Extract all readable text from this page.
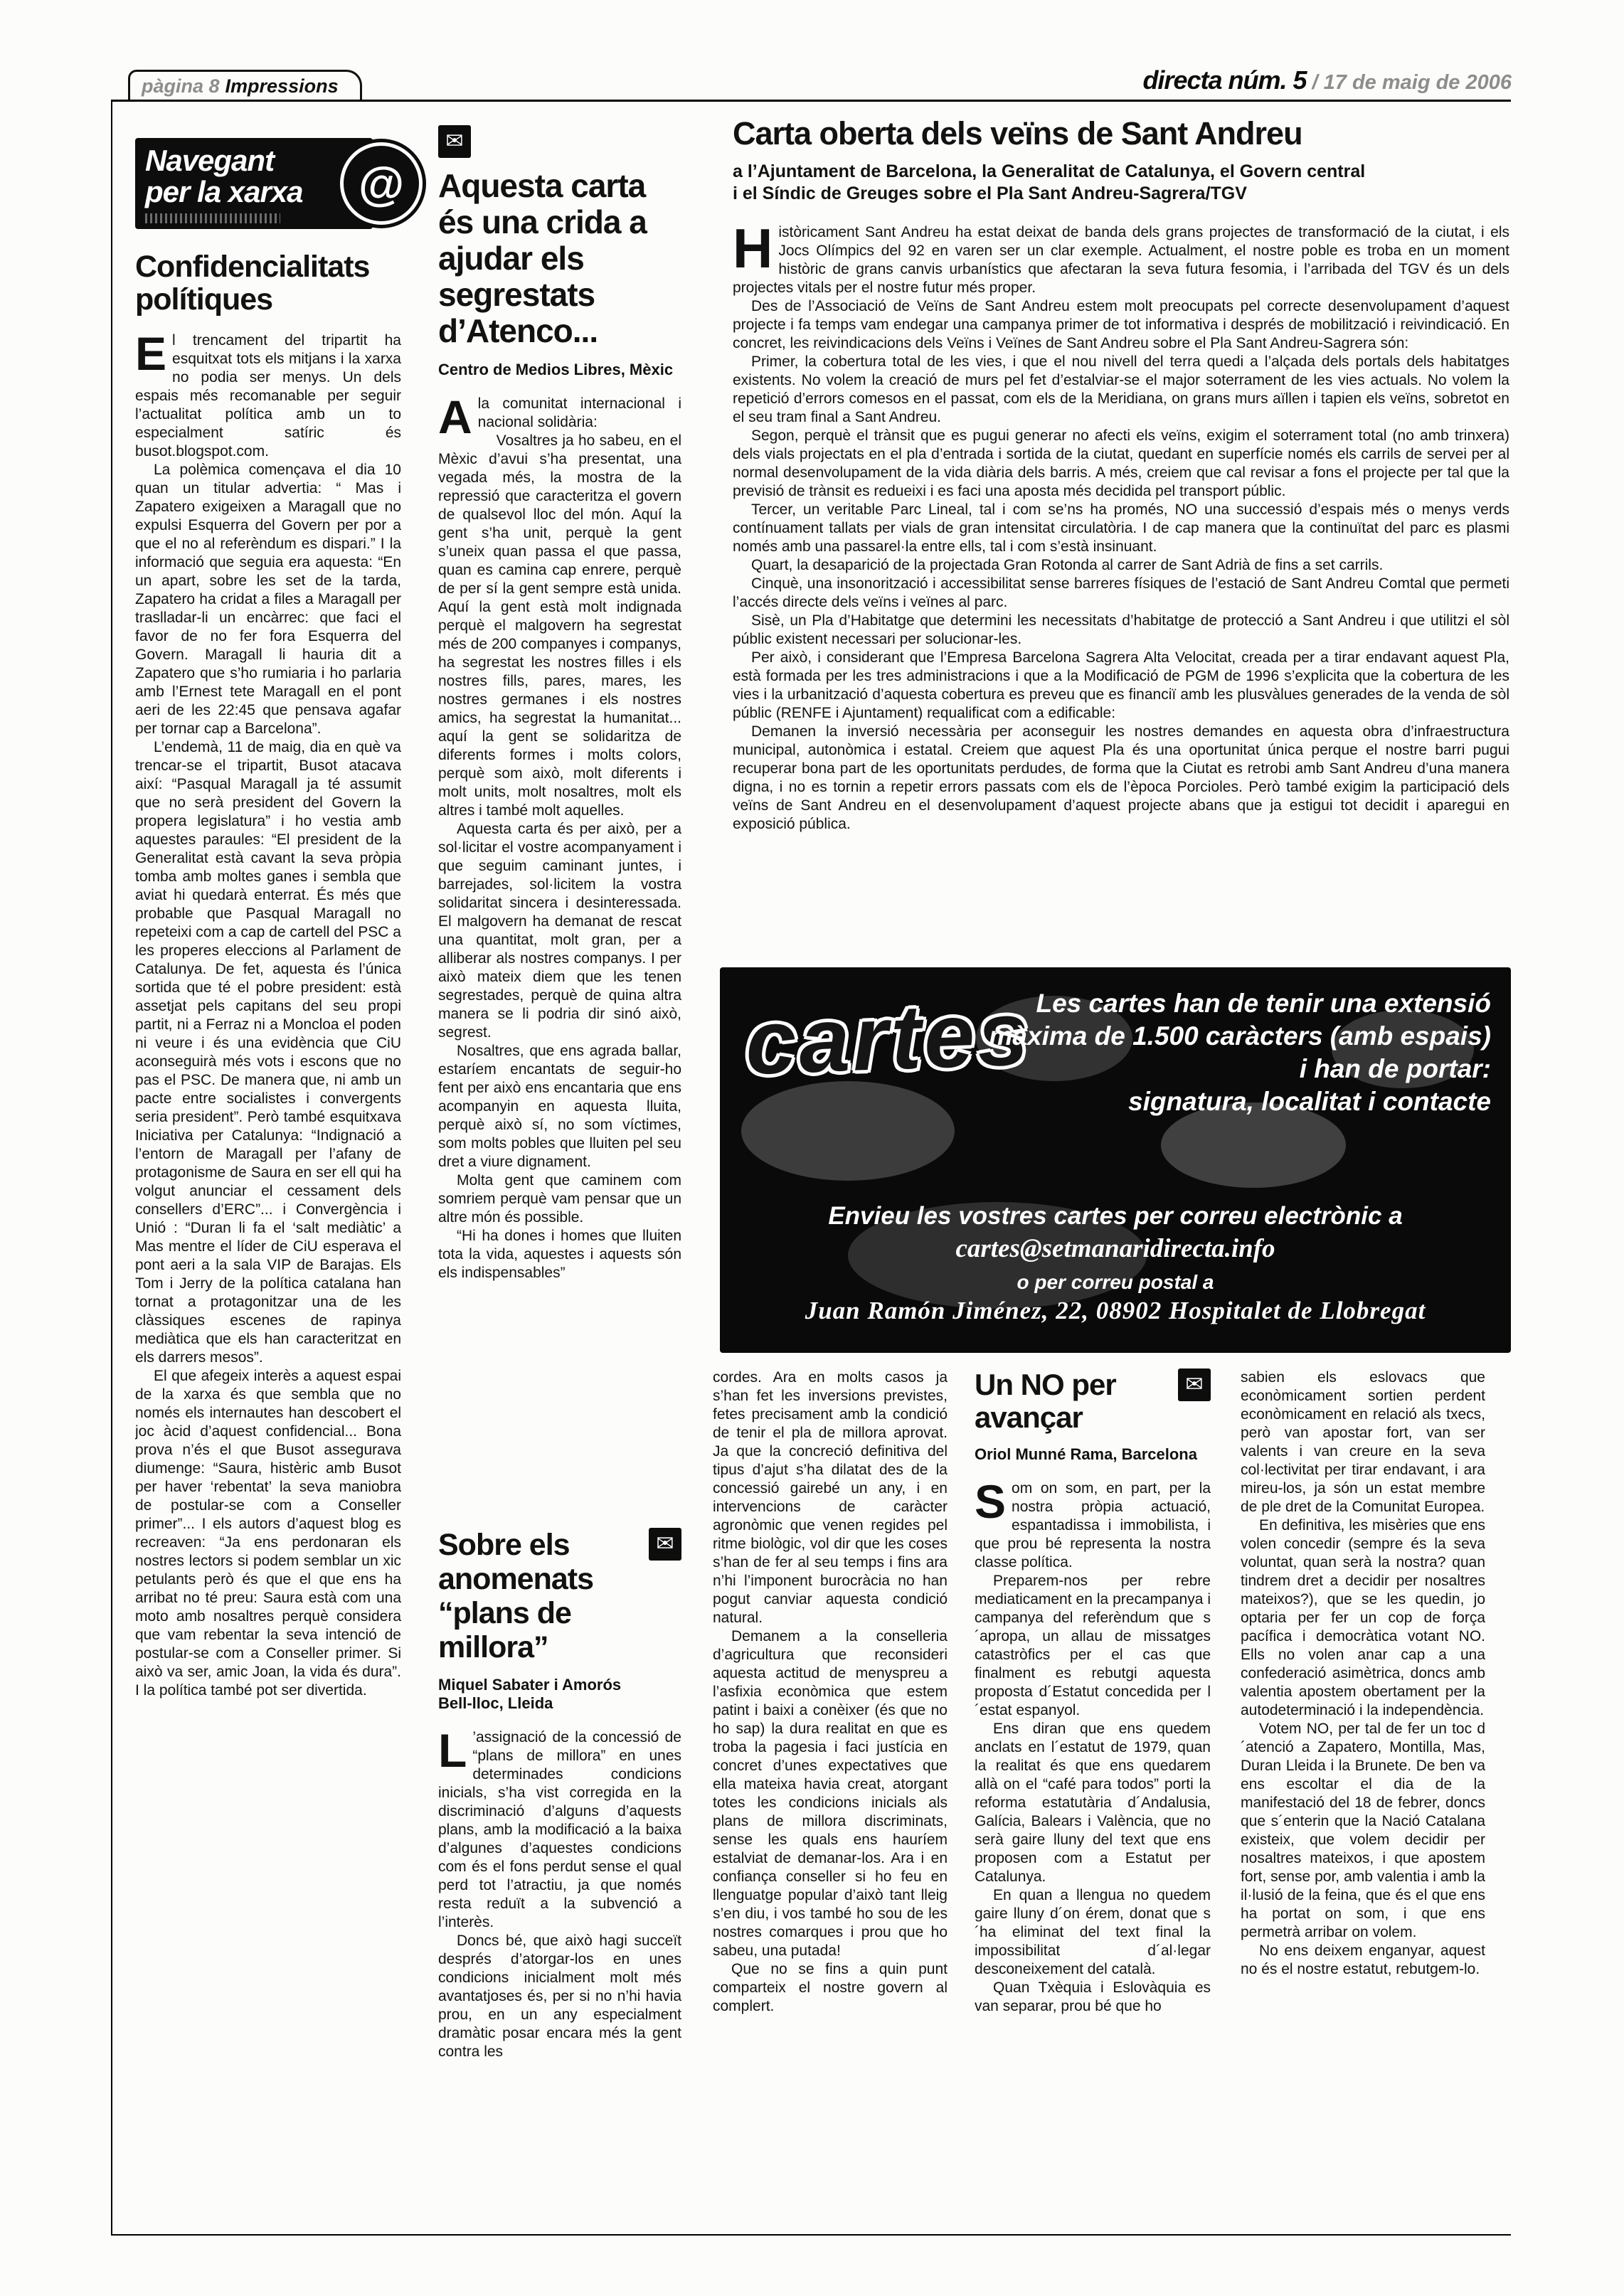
pàgina 8 Impressions	directa núm. 5 / 17 de maig de 2006
Navegant
per la xarxa	@
Confidencialitats polítiques

El trencament del tripartit ha esquitxat tots els mitjans i la xarxa no podia ser menys. Un dels espais més recomanable per seguir l’actualitat política amb un to especialment satíric és busot.blogspot.com.

La polèmica començava el dia 10 quan un titular advertia: “ Mas i Zapatero exigeixen a Maragall que no expulsi Esquerra del Govern per por a que el no al referèndum es dispari.” I la informació que seguia era aquesta: “En un apart, sobre les set de la tarda, Zapatero ha cridat a files a Maragall per traslladar-li un encàrrec: que faci el favor de no fer fora Esquerra del Govern. Maragall li hauria dit a Zapatero que s’ho rumiaria i ho parlaria amb l’Ernest tete Maragall en el pont aeri de les 22:45 que pensava agafar per tornar cap a Barcelona”.

L’endemà, 11 de maig, dia en què va trencar-se el tripartit, Busot atacava així: “Pasqual Maragall ja té assumit que no serà president del Govern la propera legislatura” i ho vestia amb aquestes paraules: “El president de la Generalitat està cavant la seva pròpia tomba amb moltes ganes i sembla que aviat hi quedarà enterrat. És més que probable que Pasqual Maragall no repeteixi com a cap de cartell del PSC a les properes eleccions al Parlament de Catalunya. De fet, aquesta és l’única sortida que té el pobre president: està assetjat pels capitans del seu propi partit, ni a Ferraz ni a Moncloa el poden ni veure i és una evidència que CiU aconseguirà més vots i escons que no pas el PSC. De manera que, ni amb un pacte entre socialistes i convergents seria president”. Però també esquitxava Iniciativa per Catalunya: “Indignació a l’entorn de Maragall per l’afany de protagonisme de Saura en ser ell qui ha volgut anunciar el cessament dels consellers d’ERC”... i Convergència i Unió : “Duran li fa el ‘salt mediàtic’ a Mas mentre el líder de CiU esperava el pont aeri a la sala VIP de Barajas. Els Tom i Jerry de la política catalana han tornat a protagonitzar una de les clàssiques escenes de rapinya mediàtica que els han caracteritzat en els darrers mesos”.

El que afegeix interès a aquest espai de la xarxa és que sembla que no només els internautes han descobert el joc àcid d’aquest confidencial... Bona prova n’és el que Busot assegurava diumenge: “Saura, histèric amb Busot per haver ‘rebentat’ la seva maniobra de postular-se com a Conseller primer”... I els autors d’aquest blog es recreaven: “Ja ens perdonaran els nostres lectors si podem semblar un xic petulants però és que el que ens ha arribat no té preu: Saura està com una moto amb nosaltres perquè considera que vam rebentar la seva intenció de postular-se com a Conseller primer. Si això va ser, amic Joan, la vida és dura”. I la política també pot ser divertida.

✉
Aquesta carta és una crida a ajudar els segrestats d’Atenco...

Centro de Medios Libres, Mèxic

Ala comunitat internacional i nacional solidària:

Vosaltres ja ho sabeu, en el Mèxic d’avui s’ha presentat, una vegada més, la mostra de la repressió que caracteritza el govern de qualsevol lloc del món. Aquí la gent s’ha unit, perquè la gent s’uneix quan passa el que passa, quan es camina cap enrere, perquè de per sí la gent sempre està unida. Aquí la gent està molt indignada perquè el malgovern ha segrestat més de 200 companyes i companys, ha segrestat les nostres filles i els nostres fills, pares, mares, les nostres germanes i els nostres amics, ha segrestat la humanitat... aquí la gent se solidaritza de diferents formes i molts colors, perquè som això, molt diferents i molt units, molt nosaltres, molt els altres i també molt aquelles.

Aquesta carta és per això, per a sol·licitar el vostre acompanyament i que seguim caminant juntes, i barrejades, sol·licitem la vostra solidaritat sincera i desinteressada. El malgovern ha demanat de rescat una quantitat, molt gran, per a alliberar als nostres companys. I per això mateix diem que les tenen segrestades, perquè de quina altra manera se li podria dir sinó això, segrest.

Nosaltres, que ens agrada ballar, estaríem encantats de seguir-ho fent per això ens encantaria que ens acompanyin en aquesta lluita, perquè això sí, no som víctimes, som molts pobles que lluiten pel seu dret a viure dignament.

Molta gent que caminem com somriem perquè vam pensar que un altre món és possible.

“Hi ha dones i homes que lluiten tota la vida, aquestes i aquests són els indispensables”

✉
Sobre els anomenats “plans de millora”

Miquel Sabater i Amorós
Bell-lloc, Lleida

L ’assignació de la concessió de “plans de millora” en unes determinades condicions inicials, s’ha vist corregida en la discriminació d’alguns d’aquests plans, amb la modificació a la baixa d’algunes d’aquestes condicions com és el fons perdut sense el qual perd tot l’atractiu, ja que només resta reduït a la subvenció a l’interès.

Doncs bé, que això hagi succeït després d’atorgar-los en unes condicions inicialment molt més avantatjoses és, per si no n’hi havia prou, en un any especialment dramàtic posar encara més la gent contra les

Carta oberta dels veïns de Sant Andreu

a l’Ajuntament de Barcelona, la Generalitat de Catalunya, el Govern central
i el Síndic de Greuges sobre el Pla Sant Andreu-Sagrera/TGV

Històricament Sant Andreu ha estat deixat de banda dels grans projectes de transformació de la ciutat, i els Jocs Olímpics del 92 en varen ser un clar exemple. Actualment, el nostre poble es troba en un moment històric de grans canvis urbanístics que afectaran la seva futura fesomia, i l’arribada del TGV és un dels projectes vitals per el nostre futur més proper.

Des de l’Associació de Veïns de Sant Andreu estem molt preocupats pel correcte desenvolupament d’aquest projecte i fa temps vam endegar una campanya primer de tot informativa i després de mobilització i reivindicació. En concret, les reivindicacions dels Veïns i Veïnes de Sant Andreu sobre el Pla Sant Andreu-Sagrera són:

Primer, la cobertura total de les vies, i que el nou nivell del terra quedi a l’alçada dels portals dels habitatges existents. No volem la creació de murs pel fet d’estalviar-se el major soterrament de les vies actuals. No volem la repetició d’errors comesos en el passat, com els de la Meridiana, on grans murs aïllen i tapien els veïns, sobretot en el seu tram final a Sant Andreu.

Segon, perquè el trànsit que es pugui generar no afecti els veïns, exigim el soterrament total (no amb trinxera) dels vials projectats en el pla d’entrada i sortida de la ciutat, quedant en superfície només els carrils de servei per al normal desenvolupament de la vida diària dels barris. A més, creiem que cal revisar a fons el projecte per tal que la previsió de trànsit es redueixi i es faci una aposta més decidida pel transport públic.

Tercer, un veritable Parc Lineal, tal i com se’ns ha promés, NO una successió d’espais més o menys verds contínuament tallats per vials de gran intensitat circulatòria. I de cap manera que la continuïtat del parc es plasmi només amb una passarel·la entre ells, tal i com s’està insinuant.

Quart, la desaparició de la projectada Gran Rotonda al carrer de Sant Adrià de fins a set carrils.

Cinquè, una insonorització i accessibilitat sense barreres físiques de l’estació de Sant Andreu Comtal que permeti l’accés directe dels veïns i veïnes al parc.

Sisè, un Pla d’Habitatge que determini les necessitats d’habitatge de protecció a Sant Andreu i que utilitzi el sòl públic existent necessari per solucionar-les.

Per això, i considerant que l’Empresa Barcelona Sagrera Alta Velocitat, creada per a tirar endavant aquest Pla, està formada per les tres administracions i que a la Modificació de PGM de 1996 s’explicita que la cobertura de les vies i la urbanització d’aquesta cobertura es preveu que es financiï amb les plusvàlues generades de la venda de sòl públic (RENFE i Ajuntament) requalificat com a edificable:

Demanen la inversió necessària per aconseguir les nostres demandes en aquesta obra d’infraestructura municipal, autonòmica i estatal. Creiem que aquest Pla és una oportunitat única perque el nostre barri pugui recuperar bona part de les oportunitats perdudes, de forma que la Ciutat es retrobi amb Sant Andreu d’una manera digna, i no es tornin a repetir errors passats com els de l’època Porcioles. Però també exigim la participació dels veïns de Sant Andreu en el desenvolupament d’aquest projecte abans que ja estigui tot decidit i aparegui en exposició pública.

cartes Les cartes han de tenir una extensió

màxima de 1.500 caràcters (amb espais)

i han de portar:

signatura, localitat i contacte

Envieu les vostres cartes per correu electrònic a
cartes@setmanaridirecta.info
o per correu postal a
Juan Ramón Jiménez, 22, 08902 Hospitalet de Llobregat

cordes. Ara en molts casos ja s’han fet les inversions previstes, fetes precisament amb la condició de tenir el pla de millora aprovat. Ja que la concreció definitiva del tipus d’ajut s’ha dilatat des de la concessió gairebé un any, i en intervencions de caràcter agronòmic que venen regides pel ritme biològic, vol dir que les coses s’han de fer al seu temps i fins ara n’hi l’imponent burocràcia no han pogut canviar aquesta condició natural.

Demanem a la conselleria d’agricultura que reconsideri aquesta actitud de menyspreu a l’asfixia econòmica que estem patint i baixi a conèixer (és que no ho sap) la dura realitat en que es troba la pagesia i faci justícia en concret d’unes expectatives que ella mateixa havia creat, atorgant totes les condicions inicials als plans de millora discriminats, sense les quals ens hauríem estalviat de demanar-los. Ara i en confiança conseller si ho feu en llenguatge popular d’això tant lleig s’en diu, i vos també ho sou de les nostres comarques i prou que ho sabeu, una putada!

Que no se fins a quin punt comparteix el nostre govern al complert.

✉
Un NO per avançar

Oriol Munné Rama, Barcelona

Som on som, en part, per la nostra pròpia actuació, espantadissa i immobilista, i que prou bé representa la nostra classe política.

Preparem-nos per rebre mediaticament en la precampanya i campanya del referèndum que s´apropa, un allau de missatges catastròfics per el cas que finalment es rebutgi aquesta proposta d´Estatut concedida per l´estat espanyol.

Ens diran que ens quedem anclats en l´estatut de 1979, quan la realitat és que ens quedarem allà on el “café para todos” porti la reforma estatutària d´Andalusia, Galícia, Balears i València, que no serà gaire lluny del text que ens proposen com a Estatut per Catalunya.

En quan a llengua no quedem gaire lluny d´on érem, donat que s´ha eliminat del text final la impossibilitat d´al·legar desconeixement del català.

Quan Txèquia i Eslovàquia es van separar, prou bé que ho

sabien els eslovacs que econòmicament sortien perdent econòmicament en relació als txecs, però van apostar fort, van ser valents i van creure en la seva col·lectivitat per tirar endavant, i ara mireu-los, ja són un estat membre de ple dret de la Comunitat Europea.

En definitiva, les misèries que ens volen concedir (sempre és la seva voluntat, quan serà la nostra? quan tindrem dret a decidir per nosaltres mateixos?), que se les quedin, jo optaria per fer un cop de força pacífica i democràtica votant NO. Ells no volen anar cap a una confederació asimètrica, doncs amb valentia apostem obertament per la autodeterminació i la independència.

Votem NO, per tal de fer un toc d´atenció a Zapatero, Montilla, Mas, Duran Lleida i la Brunete. De ben va ens escoltar el dia de la manifestació del 18 de febrer, doncs que s´enterin que la Nació Catalana existeix, que volem decidir per nosaltres mateixos, i que apostem fort, sense por, amb valentia i amb la il·lusió de la feina, que és el que ens ha portat on som, i que ens permetrà arribar on volem.

No ens deixem enganyar, aquest no és el nostre estatut, rebutgem-lo.
